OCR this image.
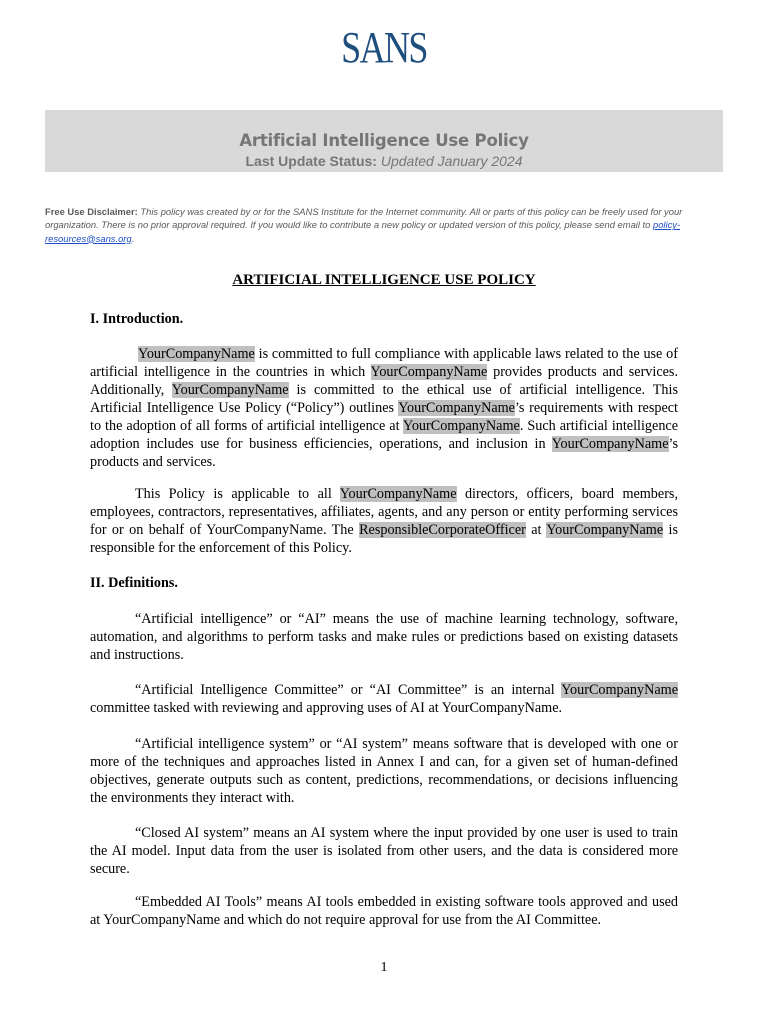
SANS
Artificial Intelligence Use Policy
Last Update Status: Updated January 2024
Free Use Disclaimer: This policy was created by or for the SANS Institute for the Internet community. All or parts of this policy can be freely used for your organization. There is no prior approval required. If you would like to contribute a new policy or updated version of this policy, please send email to policy-resources@sans.org.
ARTIFICIAL INTELLIGENCE USE POLICY
I. Introduction.
YourCompanyName is committed to full compliance with applicable laws related to the use of artificial intelligence in the countries in which YourCompanyName provides products and services. Additionally, YourCompanyName is committed to the ethical use of artificial intelligence. This Artificial Intelligence Use Policy (“Policy”) outlines YourCompanyName’s requirements with respect to the adoption of all forms of artificial intelligence at YourCompanyName. Such artificial intelligence adoption includes use for business efficiencies, operations, and inclusion in YourCompanyName’s products and services.
This Policy is applicable to all YourCompanyName directors, officers, board members, employees, contractors, representatives, affiliates, agents, and any person or entity performing services for or on behalf of YourCompanyName. The ResponsibleCorporateOfficer at YourCompanyName is responsible for the enforcement of this Policy.
II. Definitions.
“Artificial intelligence” or “AI” means the use of machine learning technology, software, automation, and algorithms to perform tasks and make rules or predictions based on existing datasets and instructions.
“Artificial Intelligence Committee” or “AI Committee” is an internal YourCompanyName committee tasked with reviewing and approving uses of AI at YourCompanyName.
“Artificial intelligence system” or “AI system” means software that is developed with one or more of the techniques and approaches listed in Annex I and can, for a given set of human-defined objectives, generate outputs such as content, predictions, recommendations, or decisions influencing the environments they interact with.
“Closed AI system” means an AI system where the input provided by one user is used to train the AI model. Input data from the user is isolated from other users, and the data is considered more secure.
“Embedded AI Tools” means AI tools embedded in existing software tools approved and used at YourCompanyName and which do not require approval for use from the AI Committee.
1
